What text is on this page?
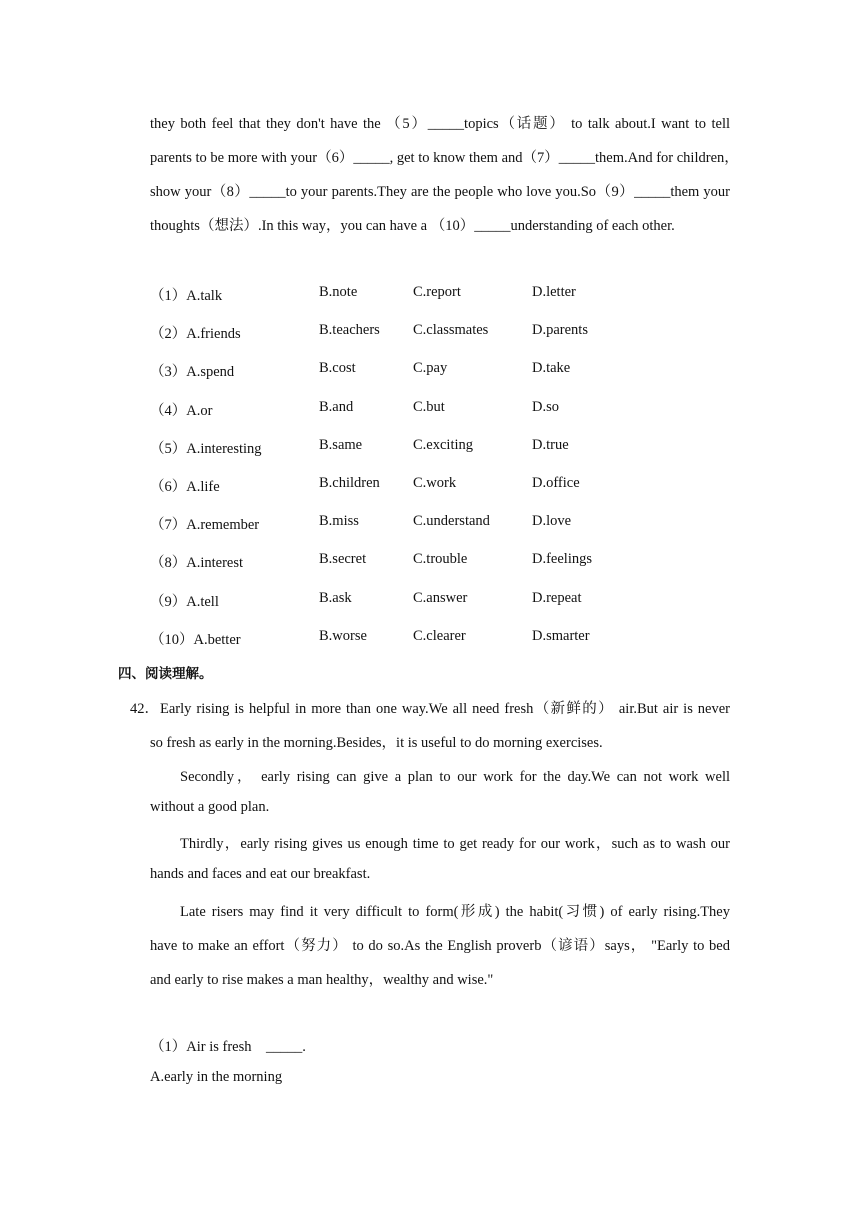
they both feel that they don't have the （5）_____topics（话题） to talk about.I want to tell
parents to be more with your（6）_____, get to know them and（7）_____them.And for children，
show your（8）_____to your parents.They are the people who love you.So（9）_____them your
thoughts（想法）.In this way，you can have a （10）_____understanding of each other.
（1）A.talk	B.note	C.report	D.letter
（2）A.friends	B.teachers C.classmates	D.parents
（3）A.spend	B.cost	C.pay	D.take
（4）A.or	B.and	C.but	D.so
（5）A.interesting	B.same	C.exciting	D.true
（6）A.life	B.children C.work	D.office
（7）A.remember	B.miss	C.understand	D.love
（8）A.interest	B.secret	C.trouble	D.feelings
（9）A.tell	B.ask	C.answer	D.repeat
（10）A.better	B.worse	C.clearer	D.smarter
四、阅读理解。
42． Early rising is helpful in more than one way.We all need fresh（新鲜的） air.But air is never
so fresh as early in the morning.Besides，it is useful to do morning exercises.
Secondly， early rising can give a plan to our work for the day.We can not work well
without a good plan.
Thirdly，early rising gives us enough time to get ready for our work，such as to wash our
hands and faces and eat our breakfast.
Late risers may find it very difficult to form(形成) the habit(习惯) of early rising.They
have to make an effort（努力） to do so.As the English proverb（谚语）says， "Early to bed
and early to rise makes a man healthy，wealthy and wise."
（1）Air is fresh　_____.
A.early in the morning
